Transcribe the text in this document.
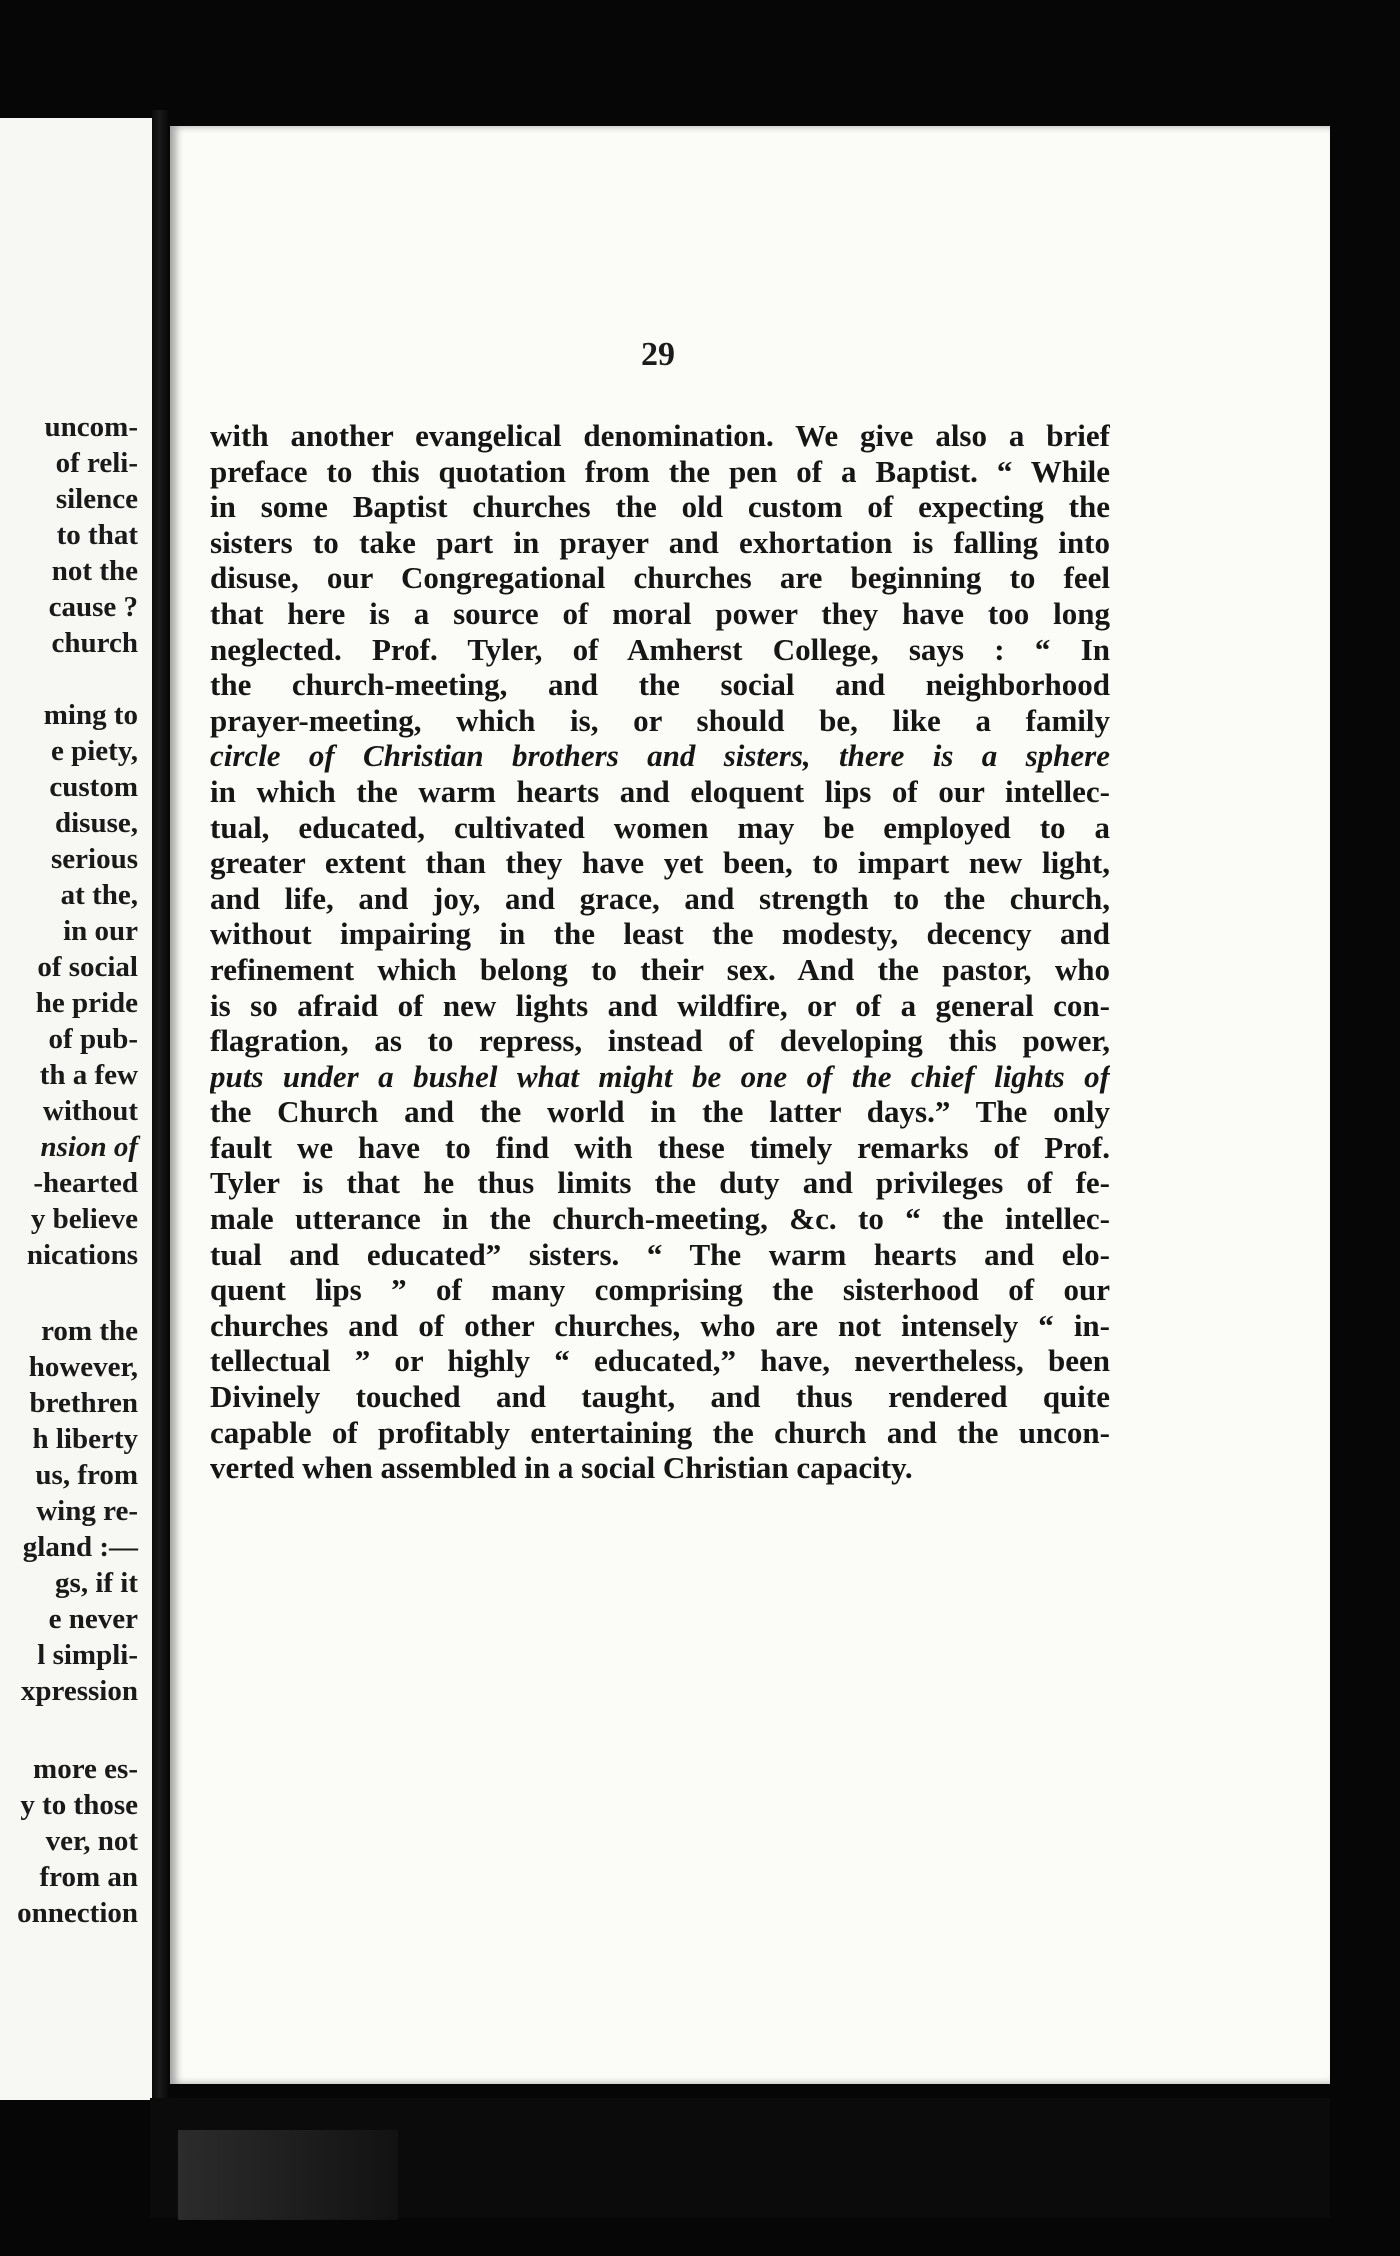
uncom-
of reli-
silence
to that
not the
cause ?
church
ming to
e piety,
custom
disuse,
serious
at the,
in our
of social
he pride
of pub-
th a few
without
nsion of
-hearted
y believe
nications
rom the
however,
brethren
h liberty
us, from
wing re-
gland :—
gs, if it
e never
l simpli-
xpression
more es-
y to those
ver, not
from an
onnection
29
with another evangelical denomination. We give also a brief
preface to this quotation from the pen of a Baptist. “ While
in some Baptist churches the old custom of expecting the
sisters to take part in prayer and exhortation is falling into
disuse, our Congregational churches are beginning to feel
that here is a source of moral power they have too long
neglected. Prof. Tyler, of Amherst College, says : “ In
the church-meeting, and the social and neighborhood
prayer-meeting, which is, or should be, like a family
circle of Christian brothers and sisters, there is a sphere
in which the warm hearts and eloquent lips of our intellec-
tual, educated, cultivated women may be employed to a
greater extent than they have yet been, to impart new light,
and life, and joy, and grace, and strength to the church,
without impairing in the least the modesty, decency and
refinement which belong to their sex. And the pastor, who
is so afraid of new lights and wildfire, or of a general con-
flagration, as to repress, instead of developing this power,
puts under a bushel what might be one of the chief lights of
the Church and the world in the latter days.” The only
fault we have to find with these timely remarks of Prof.
Tyler is that he thus limits the duty and privileges of fe-
male utterance in the church-meeting, &c. to “ the intellec-
tual and educated” sisters. “ The warm hearts and elo-
quent lips ” of many comprising the sisterhood of our
churches and of other churches, who are not intensely “ in-
tellectual ” or highly “ educated,” have, nevertheless, been
Divinely touched and taught, and thus rendered quite
capable of profitably entertaining the church and the uncon-
verted when assembled in a social Christian capacity.
